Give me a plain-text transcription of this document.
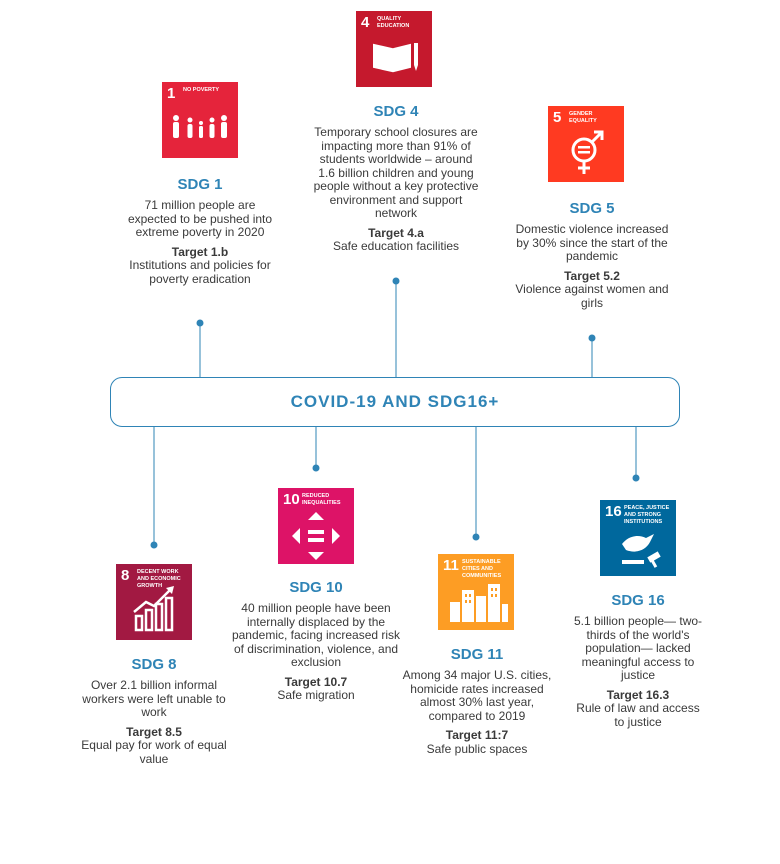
COVID-19 AND SDG16+
1 NO POVERTY
SDG 1
71 million people are expected to be pushed into extreme poverty in 2020
Target 1.b
Institutions and policies for poverty eradication
4 QUALITY EDUCATION
SDG 4
Temporary school closures are impacting more than 91% of students worldwide – around 1.6 billion children and young people without a key protective environment and support network
Target 4.a
Safe education facilities
5 GENDER EQUALITY
SDG 5
Domestic violence increased by 30% since the start of the pandemic
Target 5.2
Violence against women and girls
8 DECENT WORK AND ECONOMIC GROWTH
SDG 8
Over 2.1 billion informal workers were left unable to work
Target 8.5
Equal pay for work of equal value
10 REDUCED INEQUALITIES
SDG 10
40 million people have been internally displaced by the pandemic, facing increased risk of discrimination, violence, and exclusion
Target 10.7
Safe migration
11 SUSTAINABLE CITIES AND COMMUNITIES
SDG 11
Among 34 major U.S. cities, homicide rates increased almost 30% last year, compared to 2019
Target 11:7
Safe public spaces
16 PEACE, JUSTICE AND STRONG INSTITUTIONS
SDG 16
5.1 billion people— two-thirds of the world's population— lacked meaningful access to justice
Target 16.3
Rule of law and access to justice
